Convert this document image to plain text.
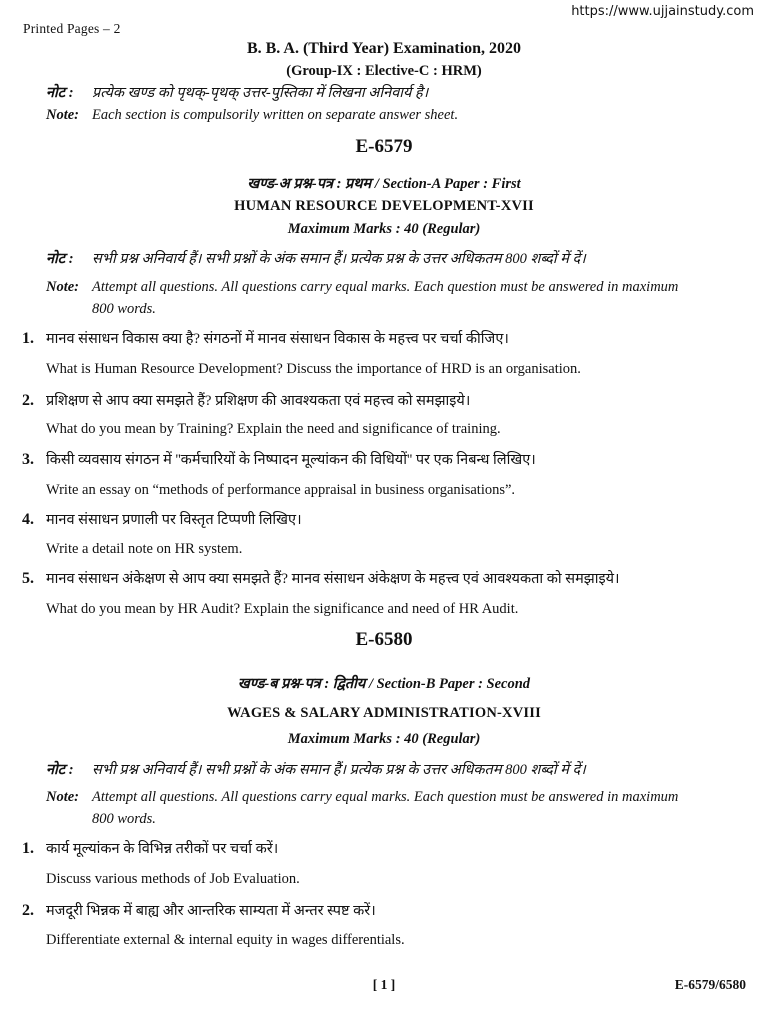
https://www.ujjainstudy.com
Printed Pages – 2
B. B. A. (Third Year) Examination, 2020
(Group-IX : Elective-C : HRM)
नोट : प्रत्येक खण्ड को पृथक्-पृथक् उत्तर-पुस्तिका में लिखना अनिवार्य है।
Note: Each section is compulsorily written on separate answer sheet.
E-6579
खण्ड-अ प्रश्न-पत्र : प्रथम / Section-A Paper : First
HUMAN RESOURCE DEVELOPMENT-XVII
Maximum Marks : 40 (Regular)
नोट : सभी प्रश्न अनिवार्य हैं। सभी प्रश्नों के अंक समान हैं। प्रत्येक प्रश्न के उत्तर अधिकतम 800 शब्दों में दें।
Note: Attempt all questions. All questions carry equal marks. Each question must be answered in maximum
800 words.
1. मानव संसाधन विकास क्या है? संगठनों में मानव संसाधन विकास के महत्त्व पर चर्चा कीजिए।
What is Human Resource Development? Discuss the importance of HRD is an organisation.
2. प्रशिक्षण से आप क्या समझते हैं? प्रशिक्षण की आवश्यकता एवं महत्त्व को समझाइये।
What do you mean by Training? Explain the need and significance of training.
3. किसी व्यवसाय संगठन में ''कर्मचारियों के निष्पादन मूल्यांकन की विधियों'' पर एक निबन्ध लिखिए।
Write an essay on “methods of performance appraisal in business organisations”.
4. मानव संसाधन प्रणाली पर विस्तृत टिप्पणी लिखिए।
Write a detail note on HR system.
5. मानव संसाधन अंकेक्षण से आप क्या समझते हैं? मानव संसाधन अंकेक्षण के महत्त्व एवं आवश्यकता को समझाइये।
What do you mean by HR Audit? Explain the significance and need of HR Audit.
E-6580
खण्ड-ब प्रश्न-पत्र : द्वितीय / Section-B Paper : Second
WAGES & SALARY ADMINISTRATION-XVIII
Maximum Marks : 40 (Regular)
नोट : सभी प्रश्न अनिवार्य हैं। सभी प्रश्नों के अंक समान हैं। प्रत्येक प्रश्न के उत्तर अधिकतम 800 शब्दों में दें।
Note: Attempt all questions. All questions carry equal marks. Each question must be answered in maximum
800 words.
1. कार्य मूल्यांकन के विभिन्न तरीकों पर चर्चा करें।
Discuss various methods of Job Evaluation.
2. मजदूरी भिन्नक में बाह्य और आन्तरिक साम्यता में अन्तर स्पष्ट करें।
Differentiate external & internal equity in wages differentials.
[ 1 ]	E-6579/6580
